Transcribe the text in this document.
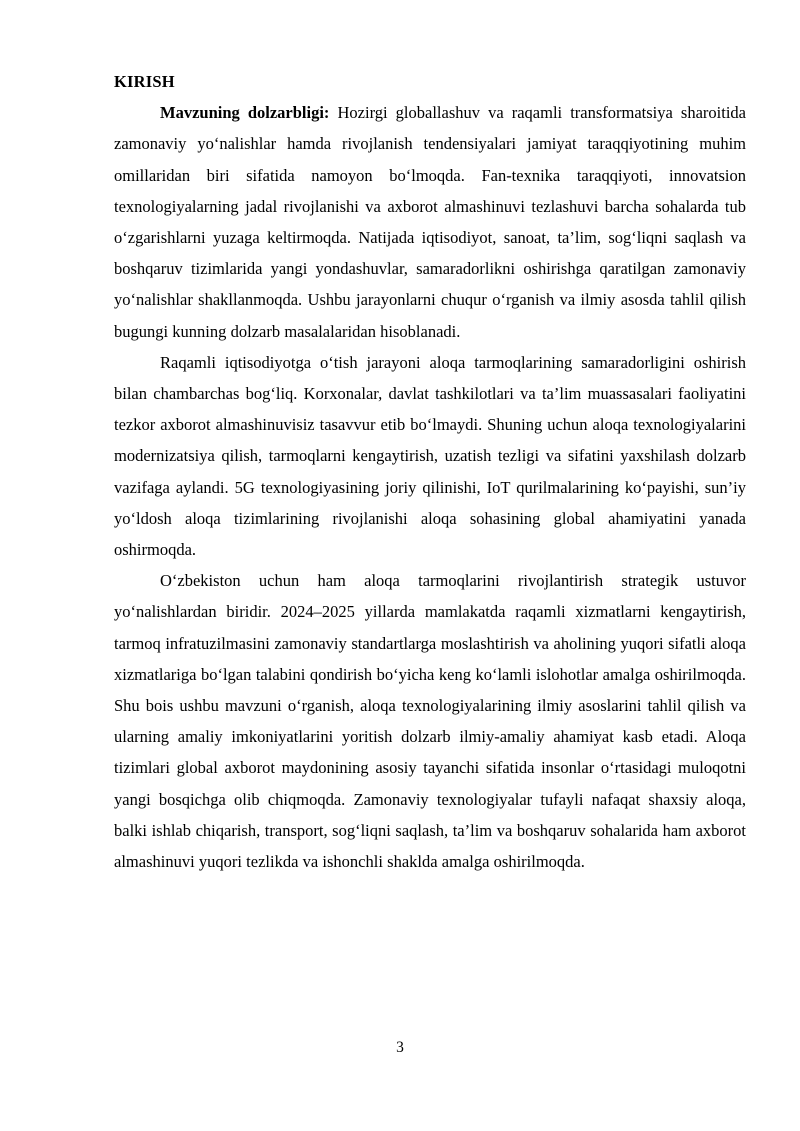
KIRISH

Mavzuning dolzarbligi: Hozirgi globallashuv va raqamli transformatsiya sharoitida zamonaviy yoʻnalishlar hamda rivojlanish tendensiyalari jamiyat taraqqiyotining muhim omillaridan biri sifatida namoyon boʻlmoqda. Fan-texnika taraqqiyoti, innovatsion texnologiyalarning jadal rivojlanishi va axborot almashinuvi tezlashuvi barcha sohalarda tub oʻzgarishlarni yuzaga keltirmoqda. Natijada iqtisodiyot, sanoat, ta’lim, sogʻliqni saqlash va boshqaruv tizimlarida yangi yondashuvlar, samaradorlikni oshirishga qaratilgan zamonaviy yoʻnalishlar shakllanmoqda. Ushbu jarayonlarni chuqur oʻrganish va ilmiy asosda tahlil qilish bugungi kunning dolzarb masalalaridan hisoblanadi.

Raqamli iqtisodiyotga oʻtish jarayoni aloqa tarmoqlarining samaradorligini oshirish bilan chambarchas bogʻliq. Korxonalar, davlat tashkilotlari va ta’lim muassasalari faoliyatini tezkor axborot almashinuvisiz tasavvur etib boʻlmaydi. Shuning uchun aloqa texnologiyalarini modernizatsiya qilish, tarmoqlarni kengaytirish, uzatish tezligi va sifatini yaxshilash dolzarb vazifaga aylandi. 5G texnologiyasining joriy qilinishi, IoT qurilmalarining koʻpayishi, sun’iy yoʻldosh aloqa tizimlarining rivojlanishi aloqa sohasining global ahamiyatini yanada oshirmoqda.

Oʻzbekiston uchun ham aloqa tarmoqlarini rivojlantirish strategik ustuvor yoʻnalishlardan biridir. 2024–2025 yillarda mamlakatda raqamli xizmatlarni kengaytirish, tarmoq infratuzilmasini zamonaviy standartlarga moslashtirish va aholining yuqori sifatli aloqa xizmatlariga boʻlgan talabini qondirish boʻyicha keng koʻlamli islohotlar amalga oshirilmoqda. Shu bois ushbu mavzuni oʻrganish, aloqa texnologiyalarining ilmiy asoslarini tahlil qilish va ularning amaliy imkoniyatlarini yoritish dolzarb ilmiy-amaliy ahamiyat kasb etadi. Aloqa tizimlari global axborot maydonining asosiy tayanchi sifatida insonlar oʻrtasidagi muloqotni yangi bosqichga olib chiqmoqda. Zamonaviy texnologiyalar tufayli nafaqat shaxsiy aloqa, balki ishlab chiqarish, transport, sogʻliqni saqlash, ta’lim va boshqaruv sohalarida ham axborot almashinuvi yuqori tezlikda va ishonchli shaklda amalga oshirilmoqda.

3
